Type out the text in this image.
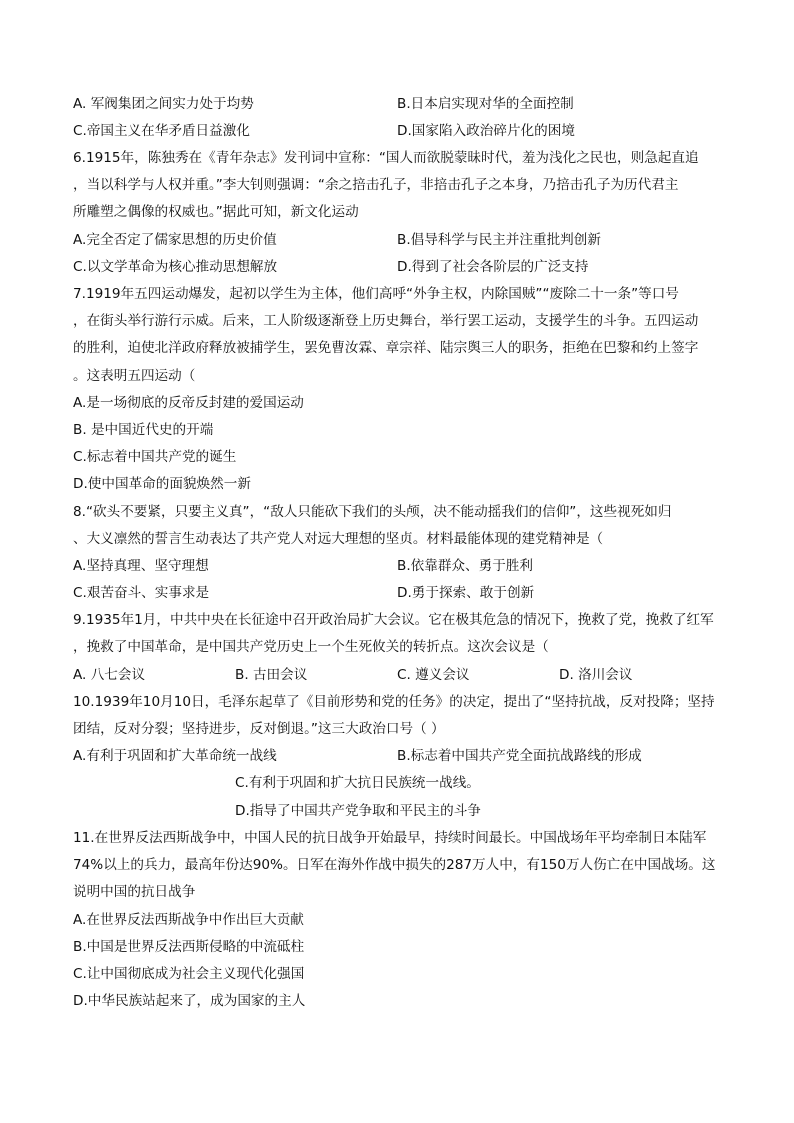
A. 军阀集团之间实力处于均势	B.日本启实现对华的全面控制
C.帝国主义在华矛盾日益激化	D.国家陷入政治碎片化的困境
6.1915年，陈独秀在《青年杂志》发刊词中宣称：“国人而欲脱蒙昧时代，羞为浅化之民也，则急起直追
，当以科学与人权并重。”李大钊则强调：“余之掊击孔子，非掊击孔子之本身，乃掊击孔子为历代君主
所雕塑之偶像的权威也。”据此可知，新文化运动
A.完全否定了儒家思想的历史价值	B.倡导科学与民主并注重批判创新
C.以文学革命为核心推动思想解放	D.得到了社会各阶层的广泛支持
7.1919年五四运动爆发，起初以学生为主体，他们高呼“外争主权，内除国贼”“废除二十一条”等口号
，在街头举行游行示威。后来，工人阶级逐渐登上历史舞台，举行罢工运动，支援学生的斗争。五四运动
的胜利，迫使北洋政府释放被捕学生，罢免曹汝霖、章宗祥、陆宗舆三人的职务，拒绝在巴黎和约上签字
。这表明五四运动（
A.是一场彻底的反帝反封建的爱国运动
B. 是中国近代史的开端
C.标志着中国共产党的诞生
D.使中国革命的面貌焕然一新
8.“砍头不要紧，只要主义真”，“敌人只能砍下我们的头颅，决不能动摇我们的信仰”，这些视死如归
、大义凛然的誓言生动表达了共产党人对远大理想的坚贞。材料最能体现的建党精神是（
A.坚持真理、坚守理想	B.依靠群众、勇于胜利
C.艰苦奋斗、实事求是	D.勇于探索、敢于创新
9.1935年1月，中共中央在长征途中召开政治局扩大会议。它在极其危急的情况下，挽救了党，挽救了红军
，挽救了中国革命，是中国共产党历史上一个生死攸关的转折点。这次会议是（
A. 八七会议	B. 古田会议	C. 遵义会议	D. 洛川会议
10.1939年10月10日，毛泽东起草了《目前形势和党的任务》的决定，提出了“坚持抗战，反对投降；坚持
团结，反对分裂；坚持进步，反对倒退。”这三大政治口号（ ）
A.有利于巩固和扩大革命统一战线	B.标志着中国共产党全面抗战路线的形成
C.有利于巩固和扩大抗日民族统一战线。
D.指导了中国共产党争取和平民主的斗争
11.在世界反法西斯战争中，中国人民的抗日战争开始最早，持续时间最长。中国战场年平均牵制日本陆军
74%以上的兵力，最高年份达90%。日军在海外作战中损失的287万人中，有150万人伤亡在中国战场。这
说明中国的抗日战争
A.在世界反法西斯战争中作出巨大贡献
B.中国是世界反法西斯侵略的中流砥柱
C.让中国彻底成为社会主义现代化强国
D.中华民族站起来了，成为国家的主人
